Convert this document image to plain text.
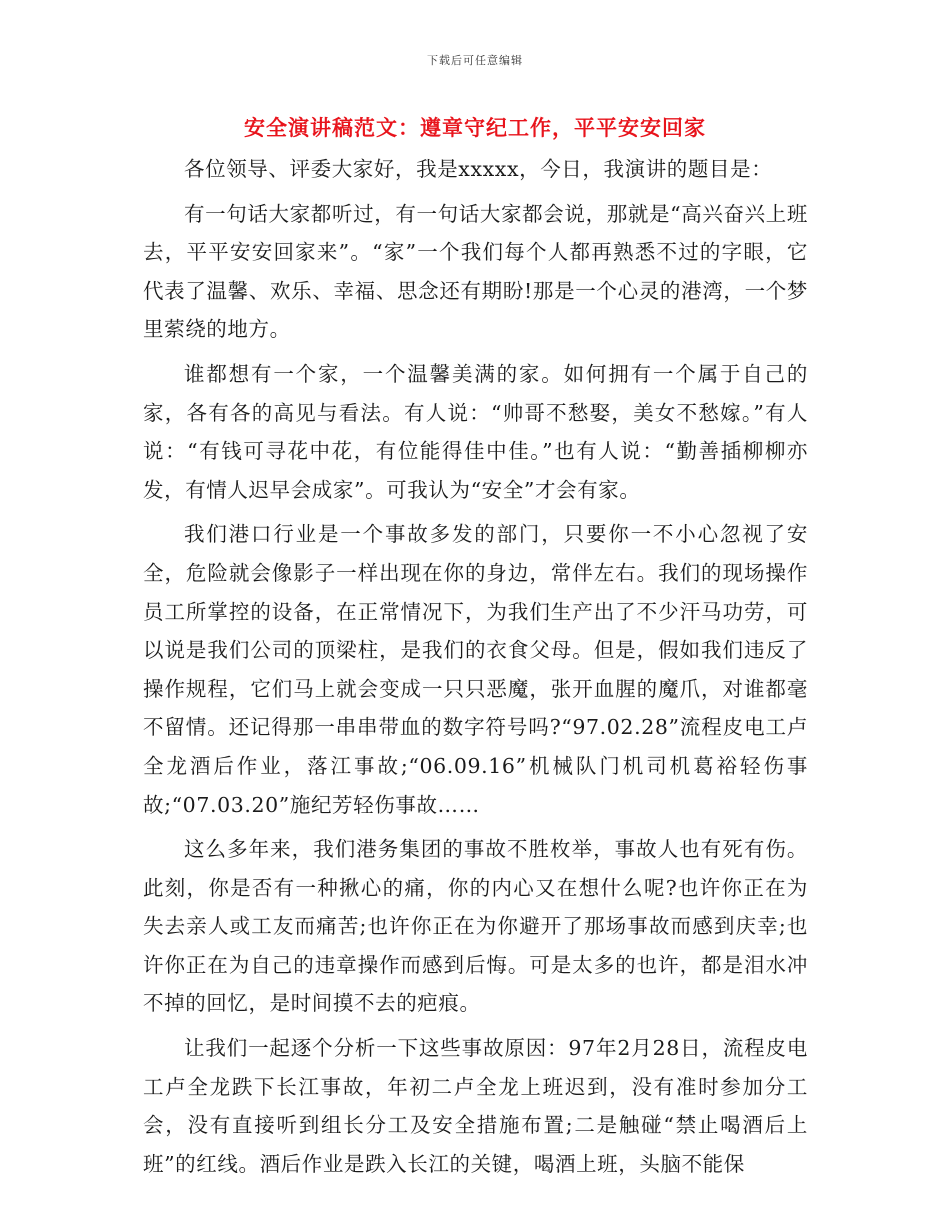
下载后可任意编辑
安全演讲稿范文：遵章守纪工作，平平安安回家

各位领导、评委大家好，我是xxxxx，今日，我演讲的题目是：

有一句话大家都听过，有一句话大家都会说，那就是“高兴奋兴上班去，平平安安回家来”。“家”一个我们每个人都再熟悉不过的字眼，它代表了温馨、欢乐、幸福、思念还有期盼!那是一个心灵的港湾，一个梦里萦绕的地方。

谁都想有一个家，一个温馨美满的家。如何拥有一个属于自己的家，各有各的高见与看法。有人说：“帅哥不愁娶，美女不愁嫁。”有人说：“有钱可寻花中花，有位能得佳中佳。”也有人说：“勤善插柳柳亦发，有情人迟早会成家”。可我认为“安全”才会有家。

我们港口行业是一个事故多发的部门，只要你一不小心忽视了安全，危险就会像影子一样出现在你的身边，常伴左右。我们的现场操作员工所掌控的设备，在正常情况下，为我们生产出了不少汗马功劳，可以说是我们公司的顶梁柱，是我们的衣食父母。但是，假如我们违反了操作规程，它们马上就会变成一只只恶魔，张开血腥的魔爪，对谁都毫不留情。还记得那一串串带血的数字符号吗?“97.02.28”流程皮电工卢全龙酒后作业，落江事故;“06.09.16”机械队门机司机葛裕轻伤事故;“07.03.20”施纪芳轻伤事故……

这么多年来，我们港务集团的事故不胜枚举，事故人也有死有伤。此刻，你是否有一种揪心的痛，你的内心又在想什么呢?也许你正在为失去亲人或工友而痛苦;也许你正在为你避开了那场事故而感到庆幸;也许你正在为自己的违章操作而感到后悔。可是太多的也许，都是泪水冲不掉的回忆，是时间摸不去的疤痕。

让我们一起逐个分析一下这些事故原因：97年2月28日，流程皮电工卢全龙跌下长江事故，年初二卢全龙上班迟到，没有准时参加分工会，没有直接听到组长分工及安全措施布置;二是触碰“禁止喝酒后上班”的红线。酒后作业是跌入长江的关键，喝酒上班，头脑不能保
